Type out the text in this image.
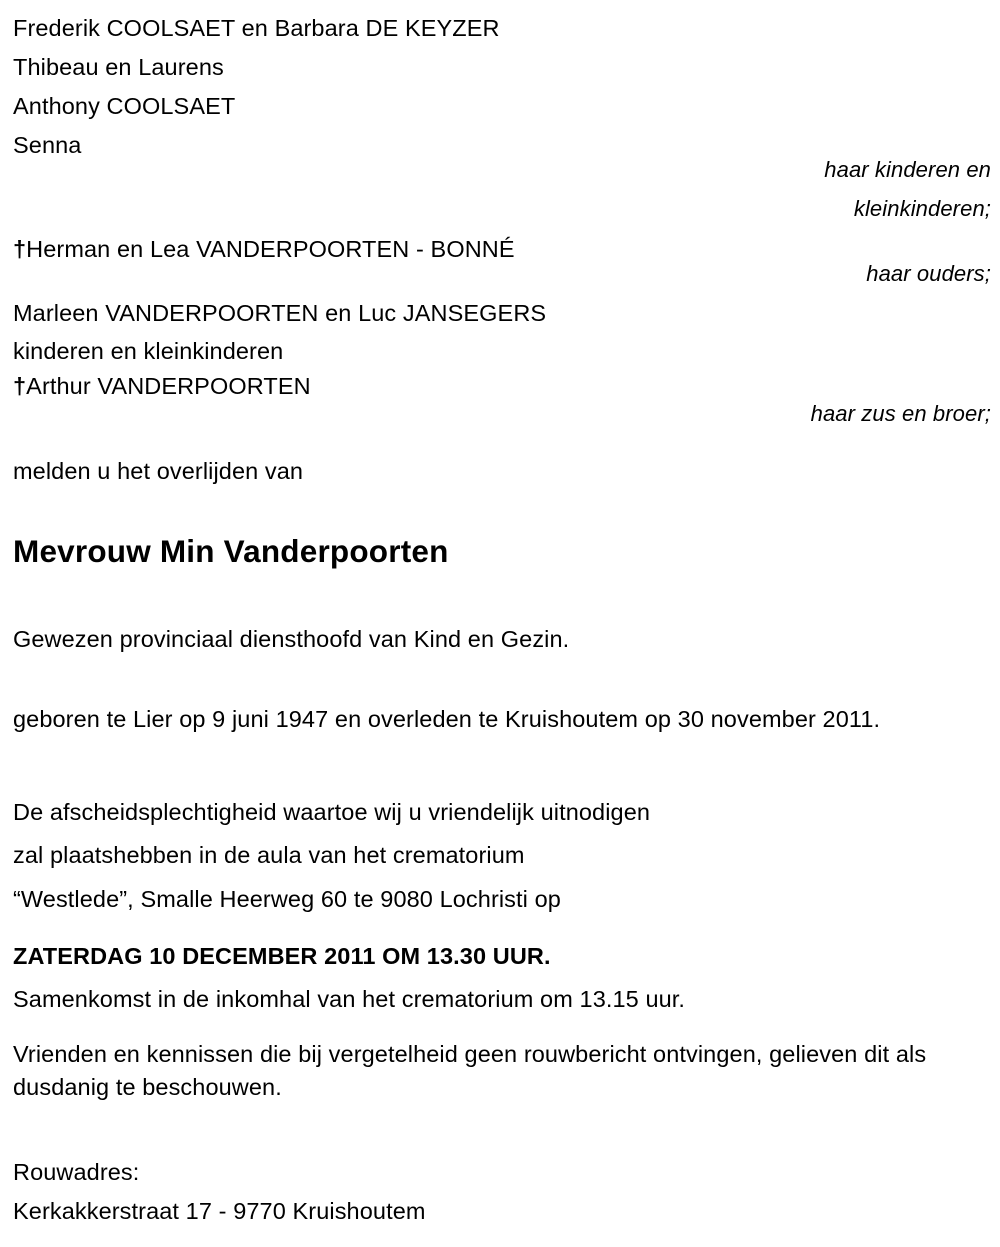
Frederik COOLSAET en Barbara DE KEYZER
Thibeau en Laurens
Anthony COOLSAET
Senna
haar kinderen en
kleinkinderen;
†Herman en Lea VANDERPOORTEN - BONNÉ
haar ouders;
Marleen VANDERPOORTEN en Luc JANSEGERS
kinderen en kleinkinderen
†Arthur VANDERPOORTEN
haar zus en broer;
melden u het overlijden van
Mevrouw Min Vanderpoorten
Gewezen provinciaal diensthoofd van Kind en Gezin.
geboren te Lier op 9 juni 1947 en overleden te Kruishoutem op 30 november 2011.
De afscheidsplechtigheid waartoe wij u vriendelijk uitnodigen
zal plaatshebben in de aula van het crematorium
“Westlede”, Smalle Heerweg 60 te 9080 Lochristi op
ZATERDAG 10 DECEMBER 2011 OM 13.30 UUR.
Samenkomst in de inkomhal van het crematorium om 13.15 uur.
Vrienden en kennissen die bij vergetelheid geen rouwbericht ontvingen, gelieven dit als dusdanig te beschouwen.
Rouwadres:
Kerkakkerstraat 17 - 9770 Kruishoutem
